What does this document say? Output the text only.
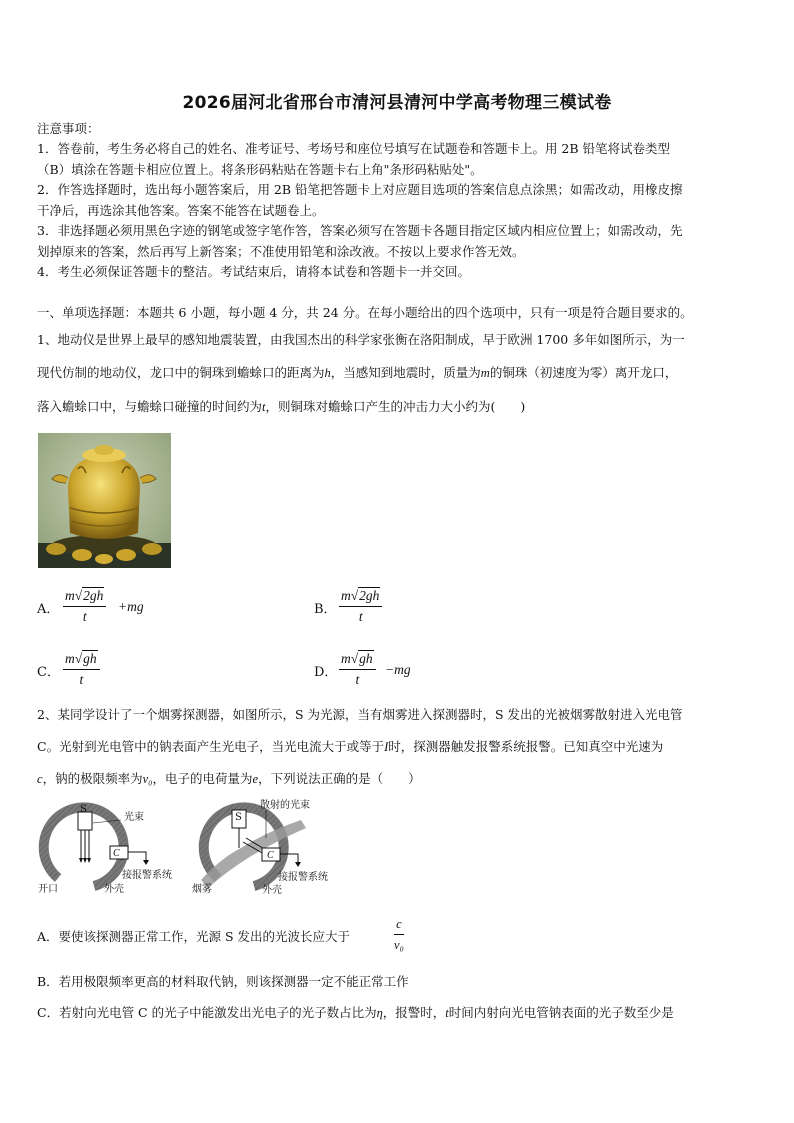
2026届河北省邢台市清河县清河中学高考物理三模试卷
注意事项：
1．答卷前，考生务必将自己的姓名、准考证号、考场号和座位号填写在试题卷和答题卡上。用 2B 铅笔将试卷类型
（B）填涂在答题卡相应位置上。将条形码粘贴在答题卡右上角"条形码粘贴处"。
2．作答选择题时，选出每小题答案后，用 2B 铅笔把答题卡上对应题目选项的答案信息点涂黑；如需改动，用橡皮擦
干净后，再选涂其他答案。答案不能答在试题卷上。
3．非选择题必须用黑色字迹的钢笔或签字笔作答，答案必须写在答题卡各题目指定区域内相应位置上；如需改动，先
划掉原来的答案，然后再写上新答案；不准使用铅笔和涂改液。不按以上要求作答无效。
4．考生必须保证答题卡的整洁。考试结束后，请将本试卷和答题卡一并交回。
一、单项选择题：本题共 6 小题，每小题 4 分，共 24 分。在每小题给出的四个选项中，只有一项是符合题目要求的。
1、地动仪是世界上最早的感知地震装置，由我国杰出的科学家张衡在洛阳制成，早于欧洲 1700 多年如图所示，为一
现代仿制的地动仪，龙口中的铜珠到蟾蜍口的距离为h，当感知到地震时，质量为m的铜珠（初速度为零）离开龙口，
落入蟾蜍口中，与蟾蜍口碰撞的时间约为t，则铜珠对蟾蜍口产生的冲击力大小约为(　　)
A． $\frac{m√2gh}{t} +mg$	B． $\frac{m√2gh}{t}$
C． $\frac{m√gh}{t}$	D． $\frac{m√gh}{t} -mg$
2、某同学设计了一个烟雾探测器，如图所示，S 为光源，当有烟雾进入探测器时，S 发出的光被烟雾散射进入光电管
C。光射到光电管中的钠表面产生光电子，当光电流大于或等于I时，探测器触发报警系统报警。已知真空中光速为
c，钠的极限频率为ν₀，电子的电荷量为e，下列说法正确的是（　　）
S
光束
C
接报警系统
外壳
开口
S
散射的光束
C
接报警系统
外壳
烟雾
A．要使该探测器正常工作，光源 S 发出的光波长应大于	$\frac{c}{\text{ν₀}}$
B．若用极限频率更高的材料取代钠，则该探测器一定不能正常工作
C．若射向光电管 C 的光子中能激发出光电子的光子数占比为η，报警时，t时间内射向光电管钠表面的光子数至少是
